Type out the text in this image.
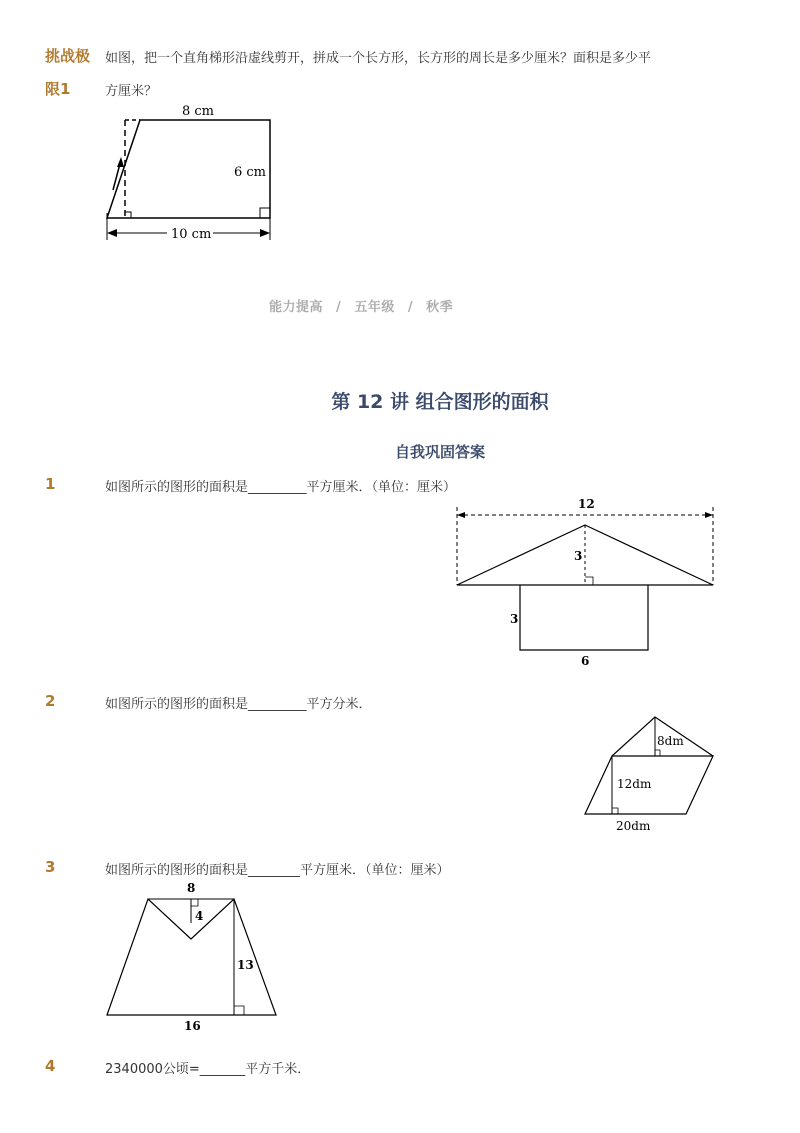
挑战极
限1
如图，把一个直角梯形沿虚线剪开，拼成一个长方形，长方形的周长是多少厘米？面积是多少平
方厘米？
8 cm
6 cm
10 cm
能力提高 / 五年级 / 秋季
第 12 讲 组合图形的面积
自我巩固答案
1	如图所示的图形的面积是_________平方厘米．（单位：厘米）
12
3
3
6
2	如图所示的图形的面积是_________平方分米．
8dm
12dm
20dm
3	如图所示的图形的面积是________平方厘米．（单位：厘米）
8
4
13
16
4	2340000公顷=_______平方千米．
